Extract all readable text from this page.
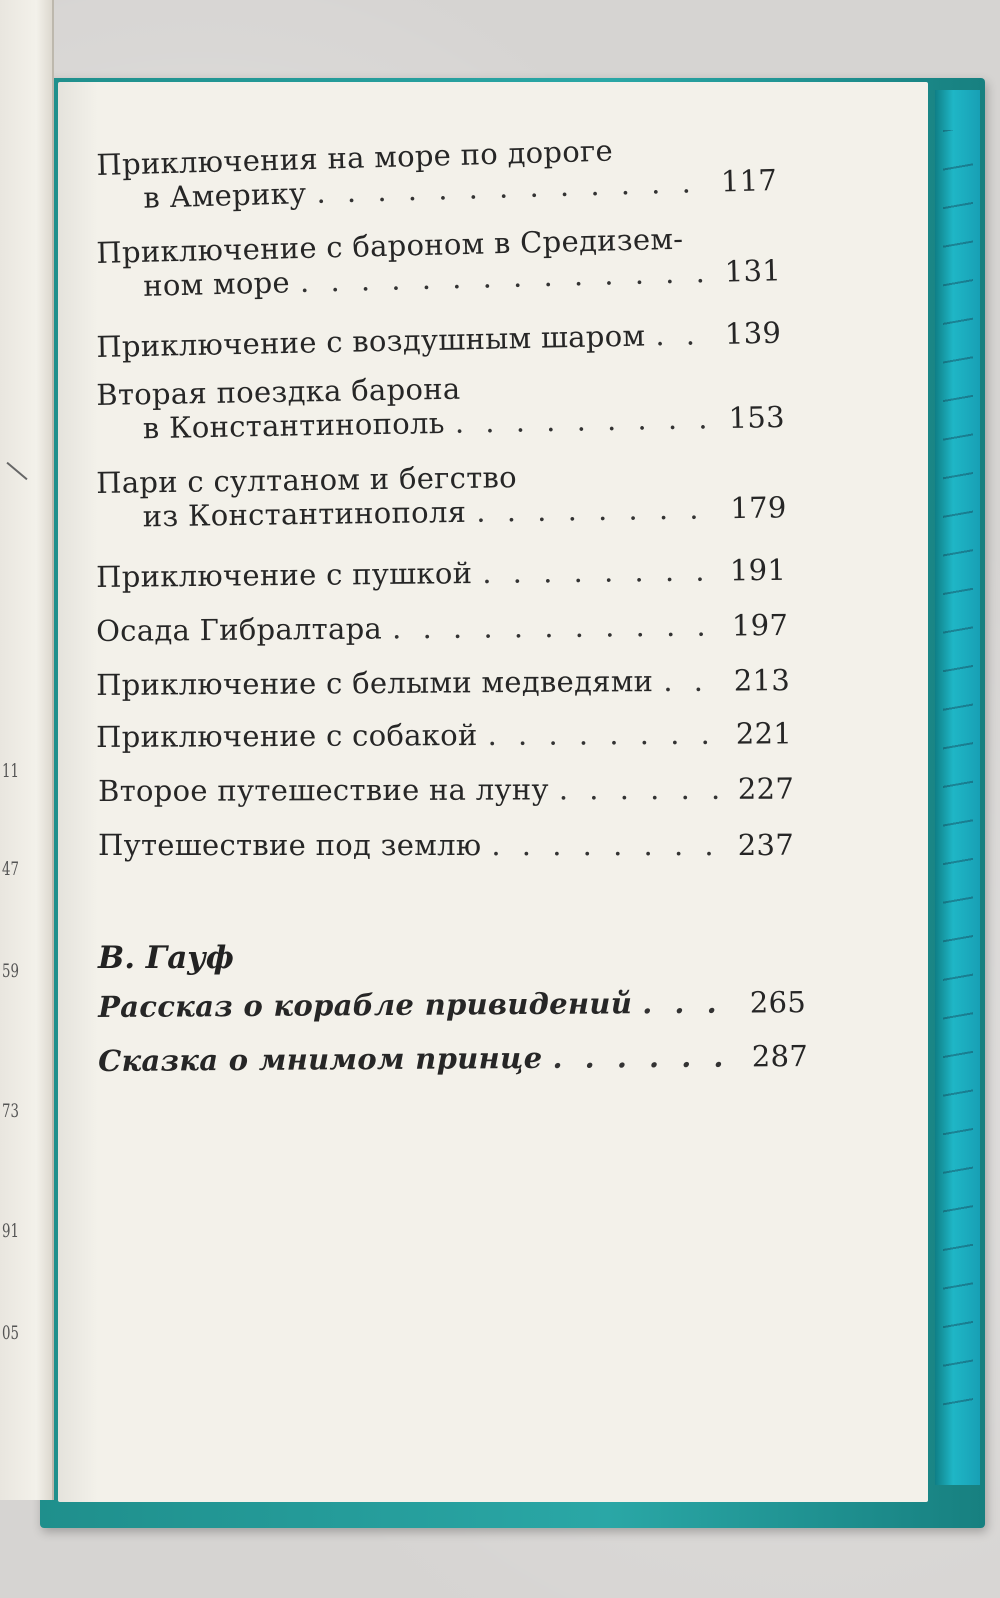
11
47
59
73
91
05
Приключения на море по дороге
в Америку . . .	117
Приключение с бароном в Средизем-
ном море . . .	131
Приключение с воздушным шаром . . .	139
Вторая поездка барона
в Константинополь . . .	153
Пари с султаном и бегство
из Константинополя . . .	179
Приключение с пушкой . . .	191
Осада Гибралтара . . .	197
Приключение с белыми медведями . . .	213
Приключение с собакой . . .	221
Второе путешествие на луну . . .	227
Путешествие под землю . . .	237
В. Гауф
Рассказ о корабле привидений . . .	265
Сказка о мнимом принце . . .	287
